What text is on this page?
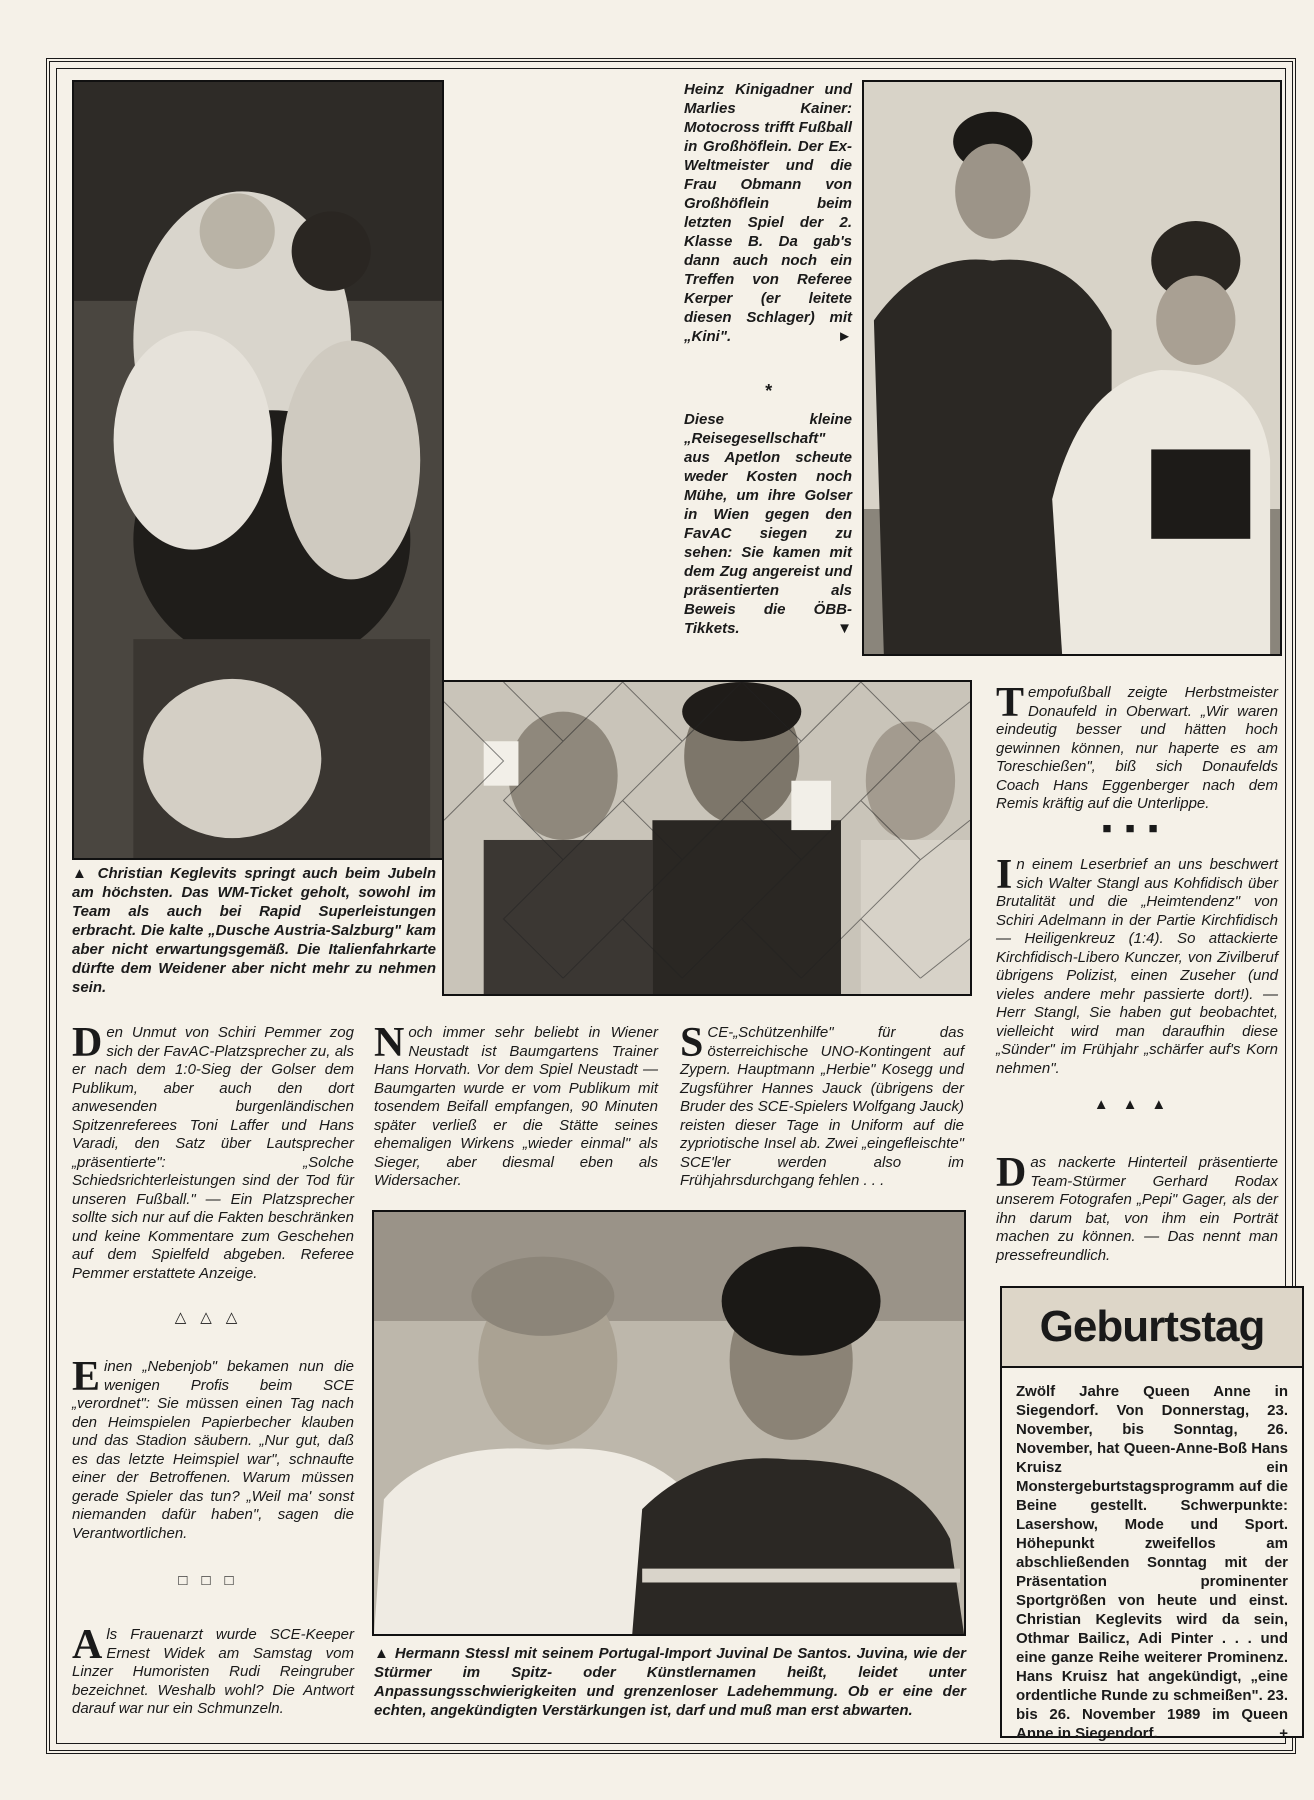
Heinz Kinigadner und Marlies Kainer: Motocross trifft Fußball in Großhöflein. Der Ex-Weltmeister und die Frau Obmann von Großhöflein beim letzten Spiel der 2. Klasse B. Da gab's dann auch noch ein Treffen von Referee Kerper (er leitete diesen Schlager) mit „Kini".	►
*
Diese kleine „Reisegesellschaft" aus Apetlon scheute weder Kosten noch Mühe, um ihre Golser in Wien gegen den FavAC siegen zu sehen: Sie kamen mit dem Zug angereist und präsentierten als Beweis die ÖBB-Tikkets.	▼
▲ Christian Keglevits springt auch beim Jubeln am höchsten. Das WM-Ticket geholt, sowohl im Team als auch bei Rapid Superleistungen erbracht. Die kalte „Dusche Austria-Salzburg" kam aber nicht erwartungsgemäß. Die Italienfahrkarte dürfte dem Weidener aber nicht mehr zu nehmen sein.
Tempofußball zeigte Herbstmeister Donaufeld in Oberwart. „Wir waren eindeutig besser und hätten hoch gewinnen können, nur haperte es am Toreschießen", biß sich Donaufelds Coach Hans Eggenberger nach dem Remis kräftig auf die Unterlippe.
■■■
In einem Leserbrief an uns beschwert sich Walter Stangl aus Kohfidisch über Brutalität und die „Heimtendenz" von Schiri Adelmann in der Partie Kirchfidisch — Heiligenkreuz (1:4). So attackierte Kirchfidisch-Libero Kunczer, von Zivilberuf übrigens Polizist, einen Zuseher (und vieles andere mehr passierte dort!). — Herr Stangl, Sie haben gut beobachtet, vielleicht wird man daraufhin diese „Sünder" im Frühjahr „schärfer auf's Korn nehmen".
▲▲▲
Das nackerte Hinterteil präsentierte Team-Stürmer Gerhard Rodax unserem Fotografen „Pepi" Gager, als der ihn darum bat, von ihm ein Porträt machen zu können. — Das nennt man pressefreundlich.
Den Unmut von Schiri Pemmer zog sich der FavAC-Platzsprecher zu, als er nach dem 1:0-Sieg der Golser dem Publikum, aber auch den dort anwesenden burgenländischen Spitzenreferees Toni Laffer und Hans Varadi, den Satz über Lautsprecher „präsentierte": „Solche Schiedsrichterleistungen sind der Tod für unseren Fußball." — Ein Platzsprecher sollte sich nur auf die Fakten beschränken und keine Kommentare zum Geschehen auf dem Spielfeld abgeben. Referee Pemmer erstattete Anzeige.
Noch immer sehr beliebt in Wiener Neustadt ist Baumgartens Trainer Hans Horvath. Vor dem Spiel Neustadt — Baumgarten wurde er vom Publikum mit tosendem Beifall empfangen, 90 Minuten später verließ er die Stätte seines ehemaligen Wirkens „wieder einmal" als Sieger, aber diesmal eben als Widersacher.
SCE-„Schützenhilfe" für das österreichische UNO-Kontingent auf Zypern. Hauptmann „Herbie" Kosegg und Zugsführer Hannes Jauck (übrigens der Bruder des SCE-Spielers Wolfgang Jauck) reisten dieser Tage in Uniform auf die zypriotische Insel ab. Zwei „eingefleischte" SCE'ler werden also im Frühjahrsdurchgang fehlen . . .
△△△
Einen „Nebenjob" bekamen nun die wenigen Profis beim SCE „verordnet": Sie müssen einen Tag nach den Heimspielen Papierbecher klauben und das Stadion säubern. „Nur gut, daß es das letzte Heimspiel war", schnaufte einer der Betroffenen. Warum müssen gerade Spieler das tun? „Weil ma' sonst niemanden dafür haben", sagen die Verantwortlichen.
□□□
Als Frauenarzt wurde SCE-Keeper Ernest Widek am Samstag vom Linzer Humoristen Rudi Reingruber bezeichnet. Weshalb wohl? Die Antwort darauf war nur ein Schmunzeln.
▲ Hermann Stessl mit seinem Portugal-Import Juvinal De Santos. Juvina, wie der Stürmer im Spitz- oder Künstlernamen heißt, leidet unter Anpassungsschwierigkeiten und grenzenloser Ladehemmung. Ob er eine der echten, angekündigten Verstärkungen ist, darf und muß man erst abwarten.
Geburtstag
Zwölf Jahre Queen Anne in Siegendorf. Von Donnerstag, 23. November, bis Sonntag, 26. November, hat Queen-Anne-Boß Hans Kruisz ein Monstergeburtstagsprogramm auf die Beine gestellt. Schwerpunkte: Lasershow, Mode und Sport. Höhepunkt zweifellos am abschließenden Sonntag mit der Präsentation prominenter Sportgrößen von heute und einst. Christian Keglevits wird da sein, Othmar Bailicz, Adi Pinter . . . und eine ganze Reihe weiterer Prominenz. Hans Kruisz hat angekündigt, „eine ordentliche Runde zu schmeißen". 23. bis 26. November 1989 im Queen Anne in Siegendorf.	+
